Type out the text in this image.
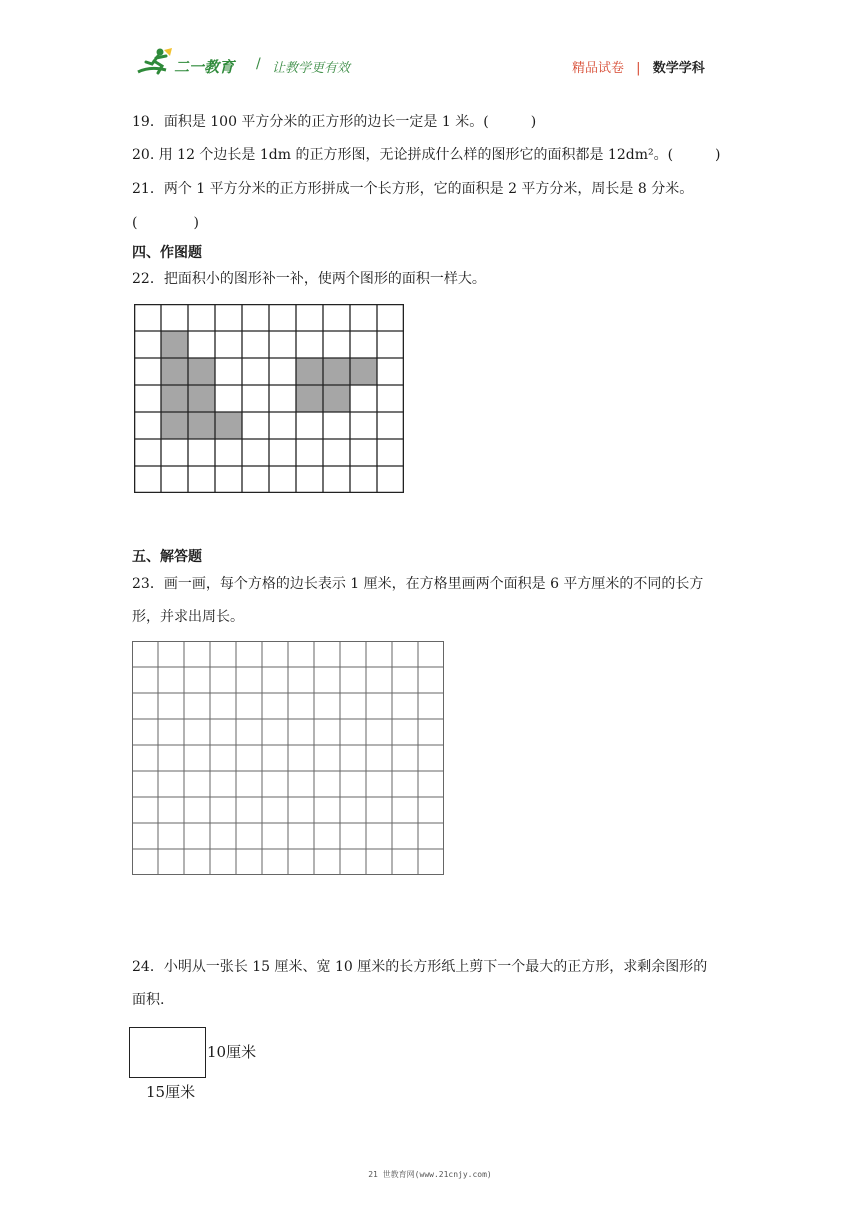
二一教育 / 让教学更有效	精品试卷 | 数学学科
19．面积是 100 平方分米的正方形的边长一定是 1 米。(　　　)
20. 用 12 个边长是 1dm 的正方形图，无论拼成什么样的图形它的面积都是 12dm²。(　　　)
21．两个 1 平方分米的正方形拼成一个长方形，它的面积是 2 平方分米，周长是 8 分米。
(　　　　)
四、作图题
22．把面积小的图形补一补，使两个图形的面积一样大。
五、解答题
23．画一画，每个方格的边长表示 1 厘米，在方格里画两个面积是 6 平方厘米的不同的长方
形，并求出周长。
24．小明从一张长 15 厘米、宽 10 厘米的长方形纸上剪下一个最大的正方形，求剩余图形的
面积.
10厘米
15厘米
21 世教育网(www.21cnjy.com)
